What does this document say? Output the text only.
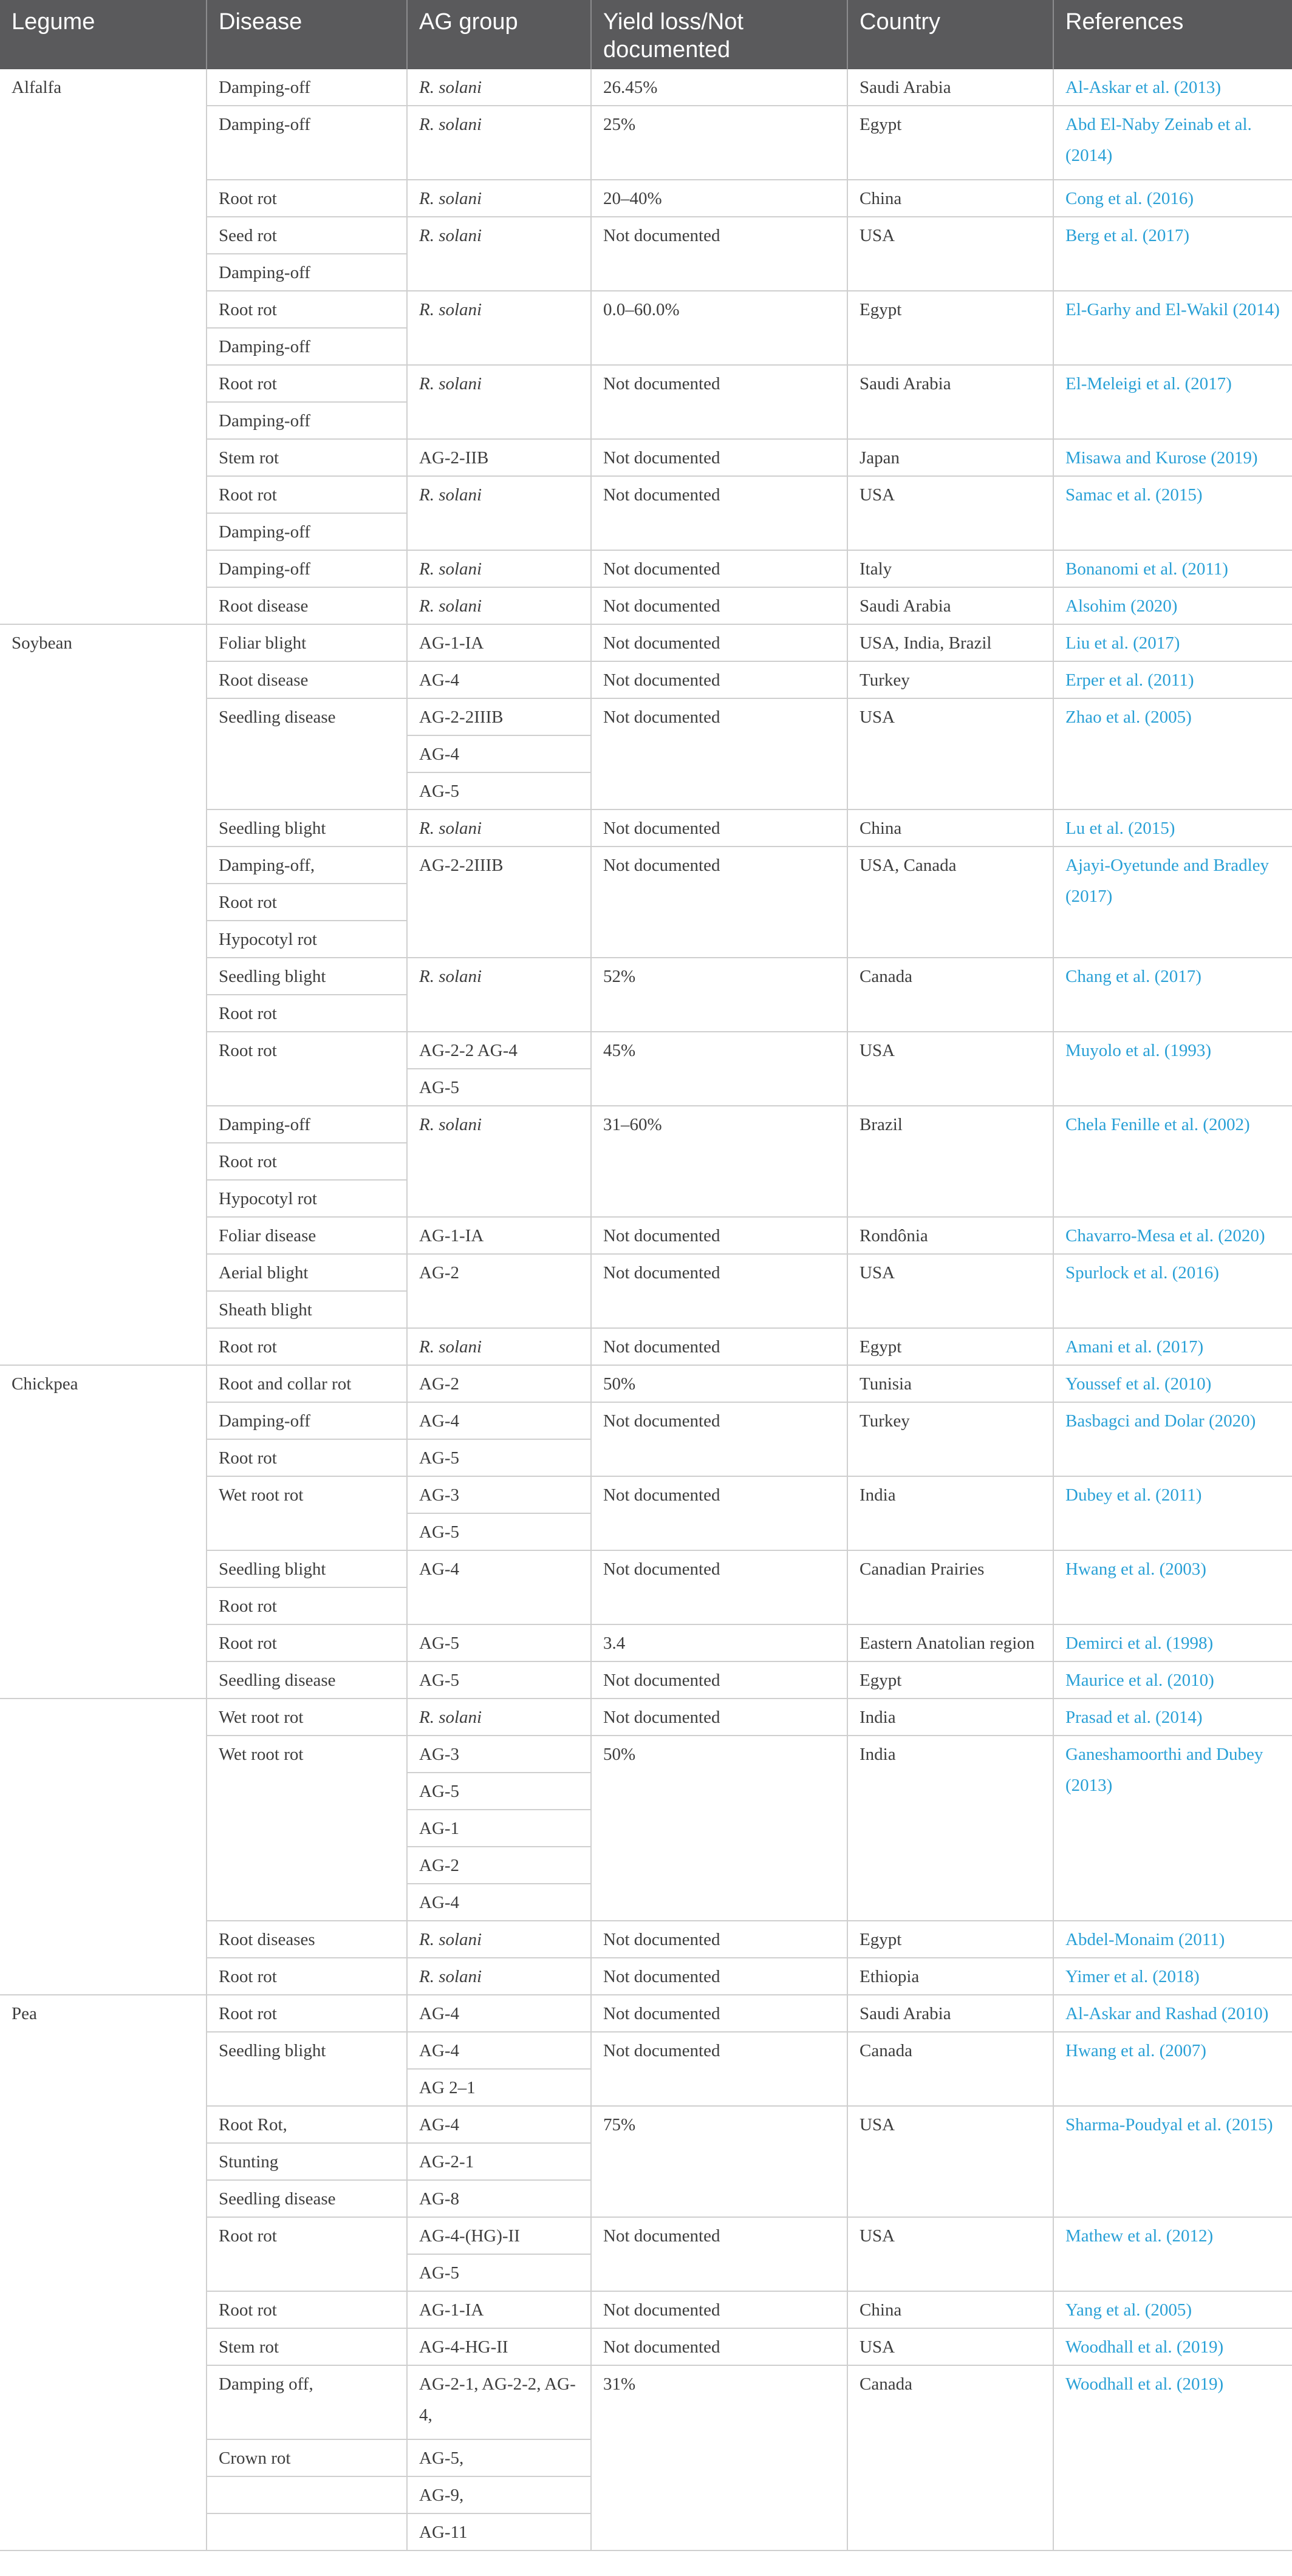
Legume	Disease	AG group	Yield loss/Not documented	Country	References
Alfalfa	Damping-off	R. solani	26.45%	Saudi Arabia	Al-Askar et al. (2013)
	Damping-off	R. solani	25%	Egypt	Abd El-Naby Zeinab et al. (2014)

	Root rot	R. solani	20–40%	China	Cong et al. (2016)
	Seed rot	R. solani	Not documented	USA	Berg et al. (2017)
	Damping-off				
	Root rot	R. solani	0.0–60.0%	Egypt	El-Garhy and El-Wakil (2014)
	Damping-off				
	Root rot	R. solani	Not documented	Saudi Arabia	El-Meleigi et al. (2017)
	Damping-off				
	Stem rot	AG-2-IIB	Not documented	Japan	Misawa and Kurose (2019)
	Root rot	R. solani	Not documented	USA	Samac et al. (2015)
	Damping-off				
	Damping-off	R. solani	Not documented	Italy	Bonanomi et al. (2011)
	Root disease	R. solani	Not documented	Saudi Arabia	Alsohim (2020)
Soybean	Foliar blight	AG-1-IA	Not documented	USA, India, Brazil	Liu et al. (2017)
	Root disease	AG-4	Not documented	Turkey	Erper et al. (2011)
	Seedling disease	AG-2-2IIIB	Not documented	USA	Zhao et al. (2005)
		AG-4			
		AG-5			
	Seedling blight	R. solani	Not documented	China	Lu et al. (2015)
	Damping-off,	AG-2-2IIIB	Not documented	USA, Canada	Ajayi-Oyetunde and Bradley (2017)
	Root rot				
	Hypocotyl rot				
	Seedling blight	R. solani	52%	Canada	Chang et al. (2017)
	Root rot				
	Root rot	AG-2-2 AG-4	45%	USA	Muyolo et al. (1993)
		AG-5			
	Damping-off	R. solani	31–60%	Brazil	Chela Fenille et al. (2002)
	Root rot				
	Hypocotyl rot				
	Foliar disease	AG-1-IA	Not documented	Rondônia	Chavarro-Mesa et al. (2020)
	Aerial blight	AG-2	Not documented	USA	Spurlock et al. (2016)
	Sheath blight				
	Root rot	R. solani	Not documented	Egypt	Amani et al. (2017)
Chickpea	Root and collar rot	AG-2	50%	Tunisia	Youssef et al. (2010)
	Damping-off	AG-4	Not documented	Turkey	Basbagci and Dolar (2020)
	Root rot	AG-5			
	Wet root rot	AG-3	Not documented	India	Dubey et al. (2011)
		AG-5			
	Seedling blight	AG-4	Not documented	Canadian Prairies	Hwang et al. (2003)
	Root rot				
	Root rot	AG-5	3.4	Eastern Anatolian region	Demirci et al. (1998)
	Seedling disease	AG-5	Not documented	Egypt	Maurice et al. (2010)
	Wet root rot	R. solani	Not documented	India	Prasad et al. (2014)
	Wet root rot	AG-3	50%	India	Ganeshamoorthi and Dubey (2013)
		AG-5			
		AG-1			
		AG-2			
		AG-4			
	Root diseases	R. solani	Not documented	Egypt	Abdel-Monaim (2011)
	Root rot	R. solani	Not documented	Ethiopia	Yimer et al. (2018)
Pea	Root rot	AG-4	Not documented	Saudi Arabia	Al-Askar and Rashad (2010)
	Seedling blight	AG-4	Not documented	Canada	Hwang et al. (2007)
		AG 2–1			
	Root Rot,	AG-4	75%	USA	Sharma-Poudyal et al. (2015)
	Stunting	AG-2-1			
	Seedling disease	AG-8			
	Root rot	AG-4-(HG)-II	Not documented	USA	Mathew et al. (2012)
		AG-5			
	Root rot	AG-1-IA	Not documented	China	Yang et al. (2005)
	Stem rot	AG-4-HG-II	Not documented	USA	Woodhall et al. (2019)
	Damping off,	AG-2-1, AG-2-2, AG-4,	31%	Canada	Woodhall et al. (2019)

	Crown rot	AG-5,			
		AG-9,			
		AG-11			
